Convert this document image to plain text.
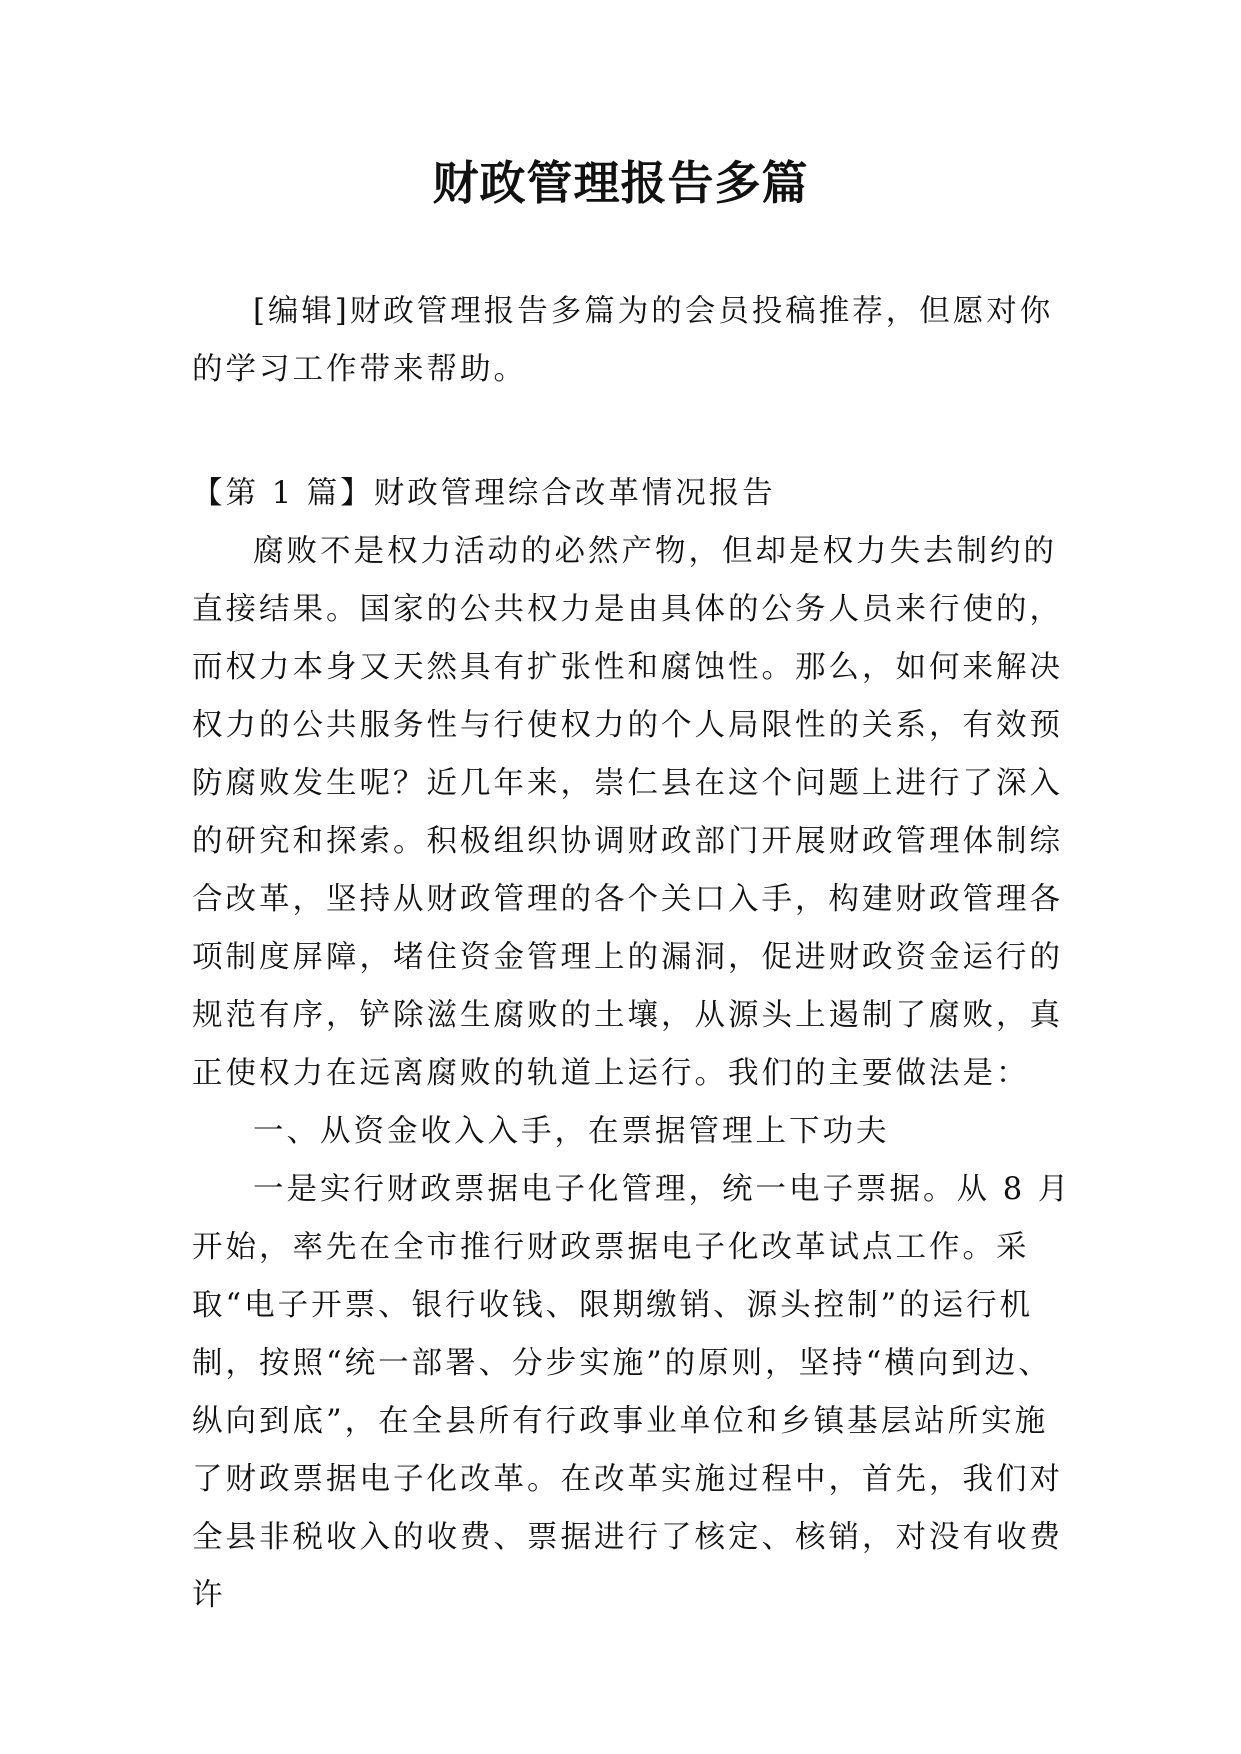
财政管理报告多篇

[编辑]财政管理报告多篇为的会员投稿推荐，但愿对你的学习工作带来帮助。

【第 1 篇】财政管理综合改革情况报告

腐败不是权力活动的必然产物，但却是权力失去制约的直接结果。国家的公共权力是由具体的公务人员来行使的，而权力本身又天然具有扩张性和腐蚀性。那么，如何来解决权力的公共服务性与行使权力的个人局限性的关系，有效预防腐败发生呢？近几年来，崇仁县在这个问题上进行了深入的研究和探索。积极组织协调财政部门开展财政管理体制综合改革，坚持从财政管理的各个关口入手，构建财政管理各项制度屏障，堵住资金管理上的漏洞，促进财政资金运行的规范有序，铲除滋生腐败的土壤，从源头上遏制了腐败，真正使权力在远离腐败的轨道上运行。我们的主要做法是：

一、从资金收入入手，在票据管理上下功夫

一是实行财政票据电子化管理，统一电子票据。从 8 月开始，率先在全市推行财政票据电子化改革试点工作。采取“电子开票、银行收钱、限期缴销、源头控制”的运行机制，按照“统一部署、分步实施”的原则，坚持“横向到边、纵向到底”，在全县所有行政事业单位和乡镇基层站所实施了财政票据电子化改革。在改革实施过程中，首先，我们对全县非税收入的收费、票据进行了核定、核销，对没有收费许
